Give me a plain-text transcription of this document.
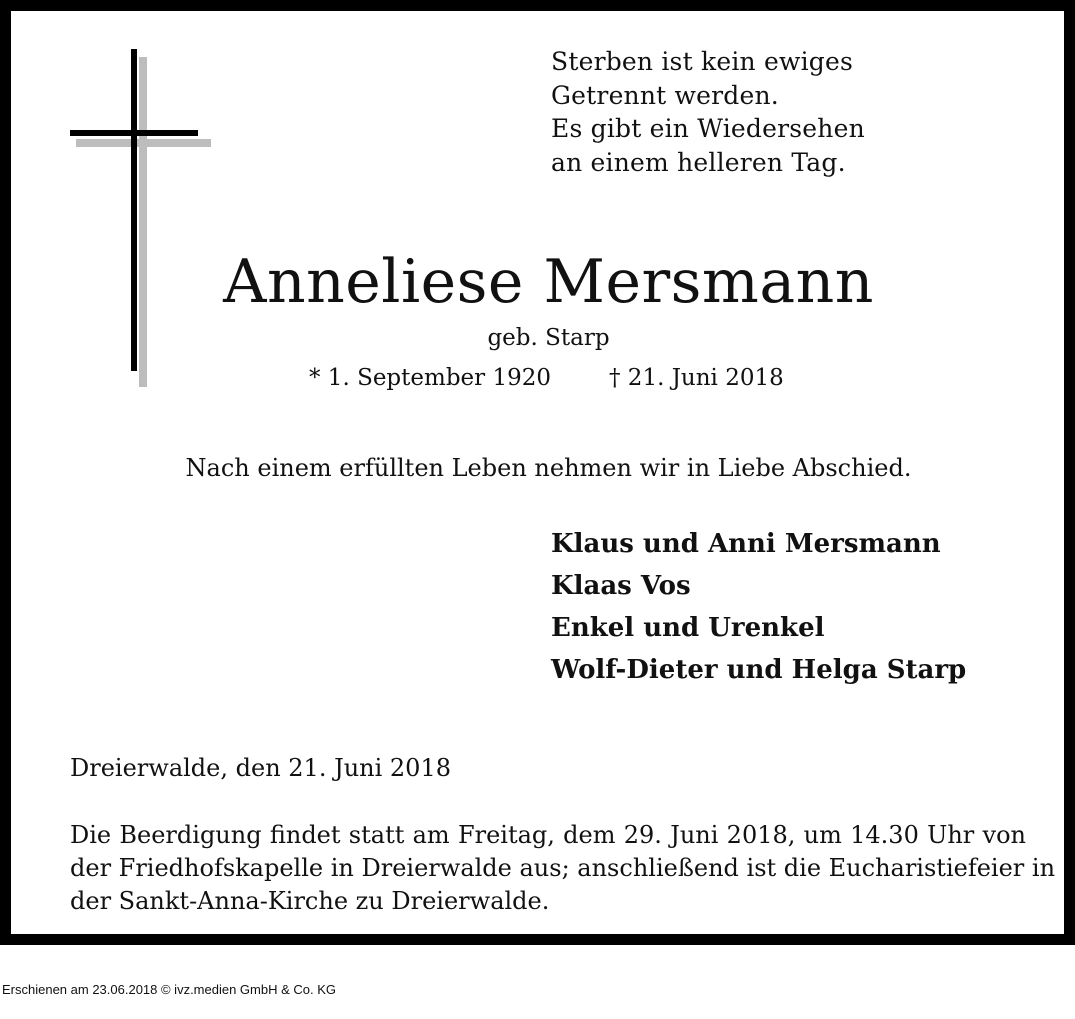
Sterben ist kein ewiges
Getrennt werden.
Es gibt ein Wiedersehen
an einem helleren Tag.
Anneliese Mersmann
geb. Starp
* 1. September 1920	† 21. Juni 2018
Nach einem erfüllten Leben nehmen wir in Liebe Abschied.
Klaus und Anni Mersmann
Klaas Vos
Enkel und Urenkel
Wolf-Dieter und Helga Starp
Dreierwalde, den 21. Juni 2018
Die Beerdigung findet statt am Freitag, dem 29. Juni 2018, um 14.30 Uhr von
der Friedhofskapelle in Dreierwalde aus; anschließend ist die Eucharistiefeier in
der Sankt-Anna-Kirche zu Dreierwalde.
Erschienen am 23.06.2018 © ivz.medien GmbH & Co. KG
